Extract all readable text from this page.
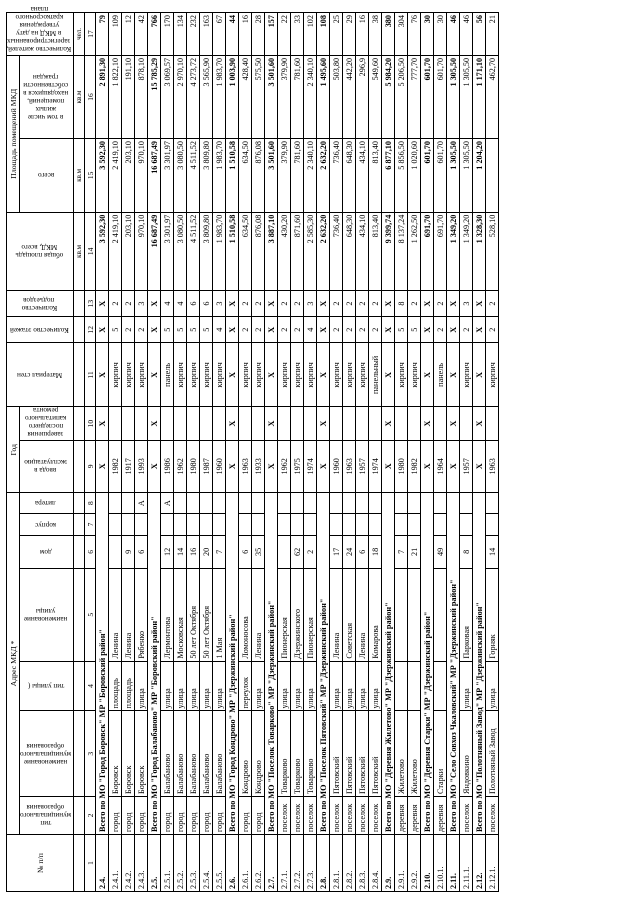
№ п/п	Адрес МКД *							Год		Материал стен	Количество этажей	Количество подъездов	общая площадь МКД, всего	Площадь помещений МКД		Количество жителей, зарегистрированных в МКД на дату утверждения краткосрочного плана
	тип муниципального образования	наименование муниципального образования	тип улицы (	наименование улицы	дом	корпус	литера	ввода в эксплуатацию	завершения последнего капитального ремонта					всего	в том числе жилых помещений, находящихся в собственности граждан	

													кв.м	кв.м	кв.м	чел.
1	2	3	4	5	6	7	8	9	10	11	12	13	14	15	16	17
2.4.	Всего по МО "Город Боровск" МР "Боровский район"							X	X	X	X	X	3 592,30	3 592,30	2 891,30	79
2.4.1.	город	Боровск	площадь	Ленина				1982		кирпич	5	2	2 419,10	2 419,10	1 822,10	109
2.4.2.	город	Боровск	площадь	Ленина	9			1917		кирпич	2	2	203,10	203,10	191,10	12
2.4.3.	город	Боровск	улица	Рябенко	6		А	1993		кирпич	2	3	970,10	970,10	878,10	42
2.5.	Всего по МО "Город Балабаново" МР "Боровский район"							X	X	X	X	X	16 687,49	16 687,49	15 785,29	766
2.5.1.	город	Балабаново	улица	Лермонтова	12		А	1986		панель	5	4	3 301,97	3 301,97	3 069,57	170
2.5.2.	город	Балабаново	улица	Московская	14			1962		кирпич	5	4	3 080,50	3 080,50	2 970,10	134
2.5.3.	город	Балабаново	улица	50 лет Октября	16			1980		кирпич	5	6	4 511,52	4 511,52	4 273,72	232
2.5.4.	город	Балабаново	улица	50 лет Октября	20			1987		кирпич	5	6	3 809,80	3 809,80	3 565,90	163
2.5.5.	город	Балабаново	улица	1 Мая	7			1960		кирпич	4	3	1 983,70	1 983,70	1 983,70	67
2.6.	Всего по МО "Город Кондрово" МР "Дзержинский район"							X	X	X	X	X	1 510,58	1 510,58	1 003,90	44
2.6.1.	город	Кондрово	переулок	Ломоносова	6			1963		кирпич	2	2	634,50	634,50	428,40	16
2.6.2.	город	Кондрово	улица	Ленина	35			1933		кирпич	2	2	876,08	876,08	575,50	28
2.7.	Всего по МО "Поселок Товарково" МР "Дзержинский район"							X	X	X	X	X	3 887,10	3 501,60	3 501,60	157
2.7.1.	поселок	Товарково	улица	Пионерская				1962		кирпич	2	2	430,20	379,90	379,90	22
2.7.2.	поселок	Товарково	улица	Дзержинского	62			1975		кирпич	2	2	871,60	781,60	781,60	33
2.7.3.	поселок	Товарково	улица	Пионерская	2			1974		кирпич	4	3	2 585,30	2 340,10	2 340,10	102
2.8.	Всего по МО "Поселок Пятовский" МР "Дзержинский район"							X	X	X	X	X	2 632,20	2 632,20	1 495,60	108
2.8.1.	поселок	Пятовский	улица	Ленина	17			1960		кирпич	2	2	736,40	736,40	503,80	25
2.8.2.	поселок	Пятовский	улица	Советская	24			1963		кирпич	2	2	648,30	648,30	442,20	29
2.8.3.	поселок	Пятовский	улица	Ленина	6			1957		кирпич	2	2	434,10	434,10	296,9	16
2.8.4.	поселок	Пятовский	улица	Комарова	18			1974		панельный	2	2	813,40	813,40	549,60	38
2.9.	Всего по МО "Деревня Жилетово" МР "Дзержинский район"							X	X	X	X	X	9 399,74	6 877,10	5 984,20	380
2.9.1.	деревня	Жилетово			7			1980		кирпич	5	8	8 137,24	5 856,50	5 206,50	304
2.9.2.	деревня	Жилетово			21			1982		кирпич	5	2	1 262,50	1 020,60	777,70	76
2.10.	Всего по МО "Деревня Старки" МР "Дзержинский район"							X	X	X	X	X	691,70	601,70	601,70	30
2.10.1.	деревня	Старки			49			1964		панель	2	2	691,70	601,70	601,70	30
2.11.	Всего по МО "Село Совхоз Чкаловский" МР "Дзержинский район"							X	X	X	X	X	1 349,20	1 305,50	1 305,50	46
2.11.1.	поселок	Яндовкино	улица	Парковая	8			1957		кирпич	2	3	1 349,20	1 305,50	1 305,50	46
2.12.	Всего по МО "Полотняный Завод" МР "Дзержинский район"							X	X	X	X	X	1 328,30	1 204,20	1 171,10	56
2.12.1.	поселок	Полотняный Завод	улица	Горняк	14			1963		кирпич	2	2	528,10		462,70	21
